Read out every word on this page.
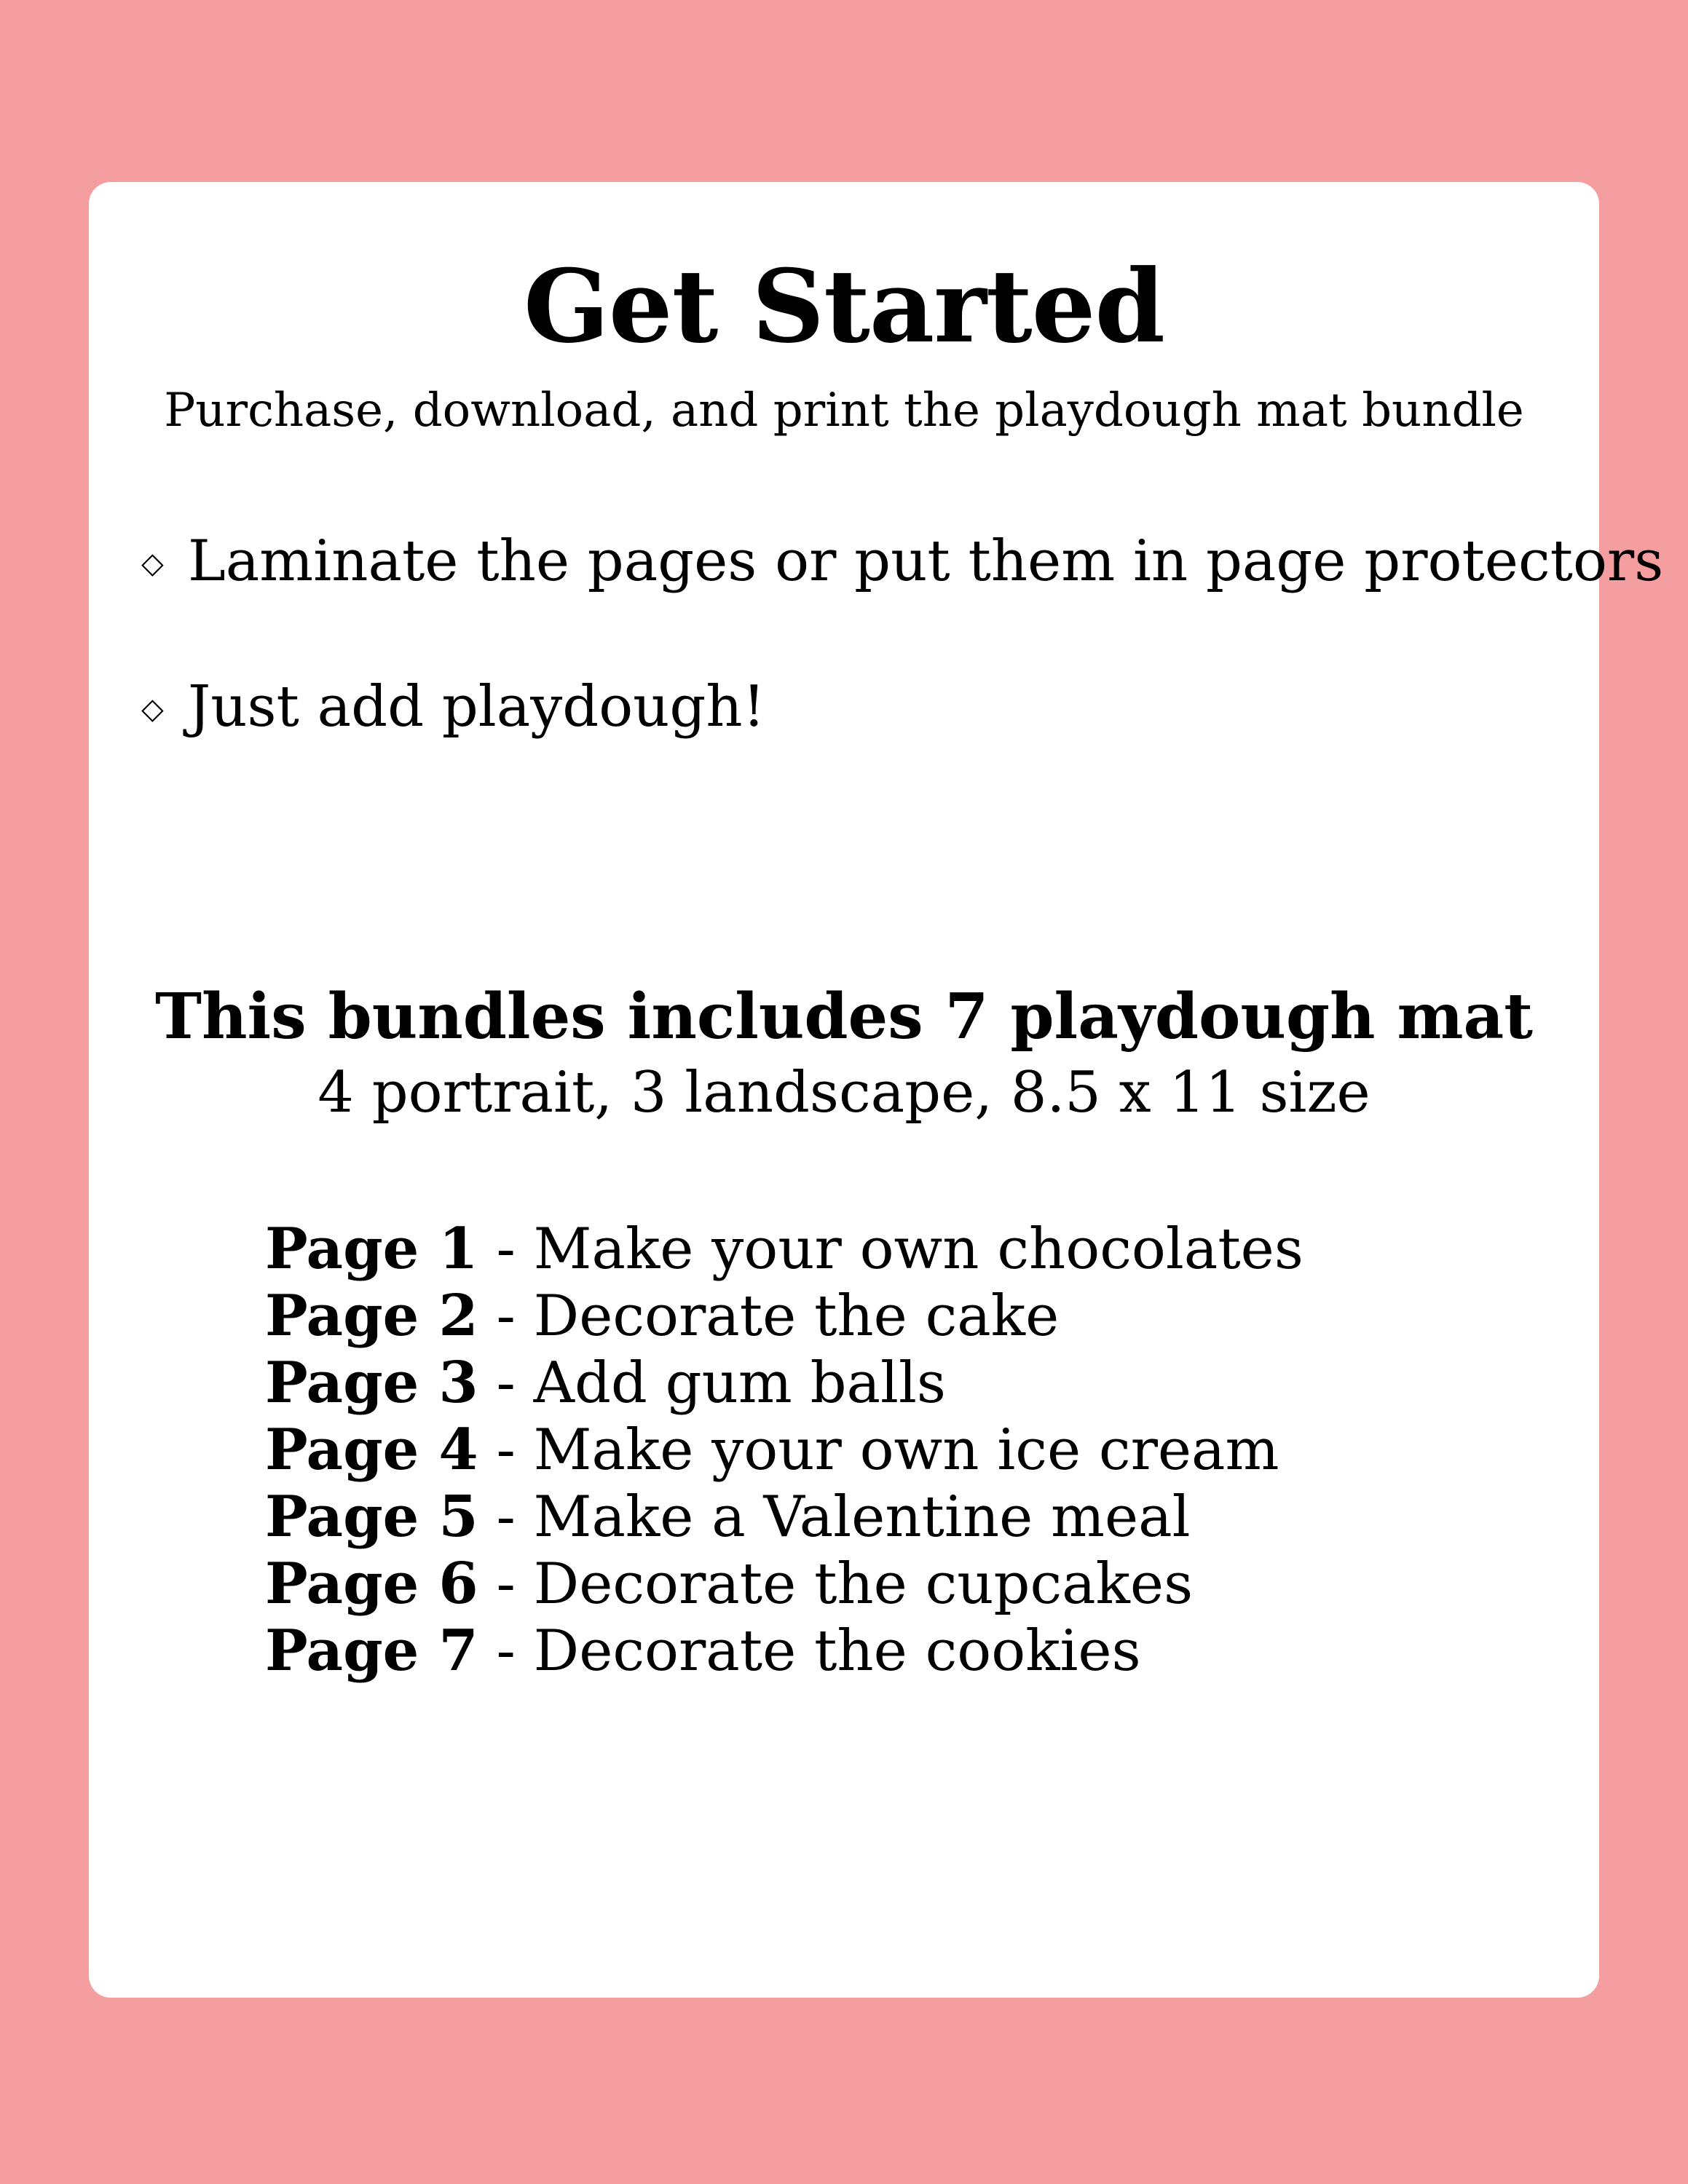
Get Started
Purchase, download, and print the playdough mat bundle
◇ Laminate the pages or put them in page protectors
◇ Just add playdough!
This bundles includes 7 playdough mat
4 portrait, 3 landscape, 8.5 x 11 size
Page 1 - Make your own chocolates
Page 2 - Decorate the cake
Page 3 - Add gum balls
Page 4 - Make your own ice cream
Page 5 - Make a Valentine meal
Page 6 - Decorate the cupcakes
Page 7 - Decorate the cookies
